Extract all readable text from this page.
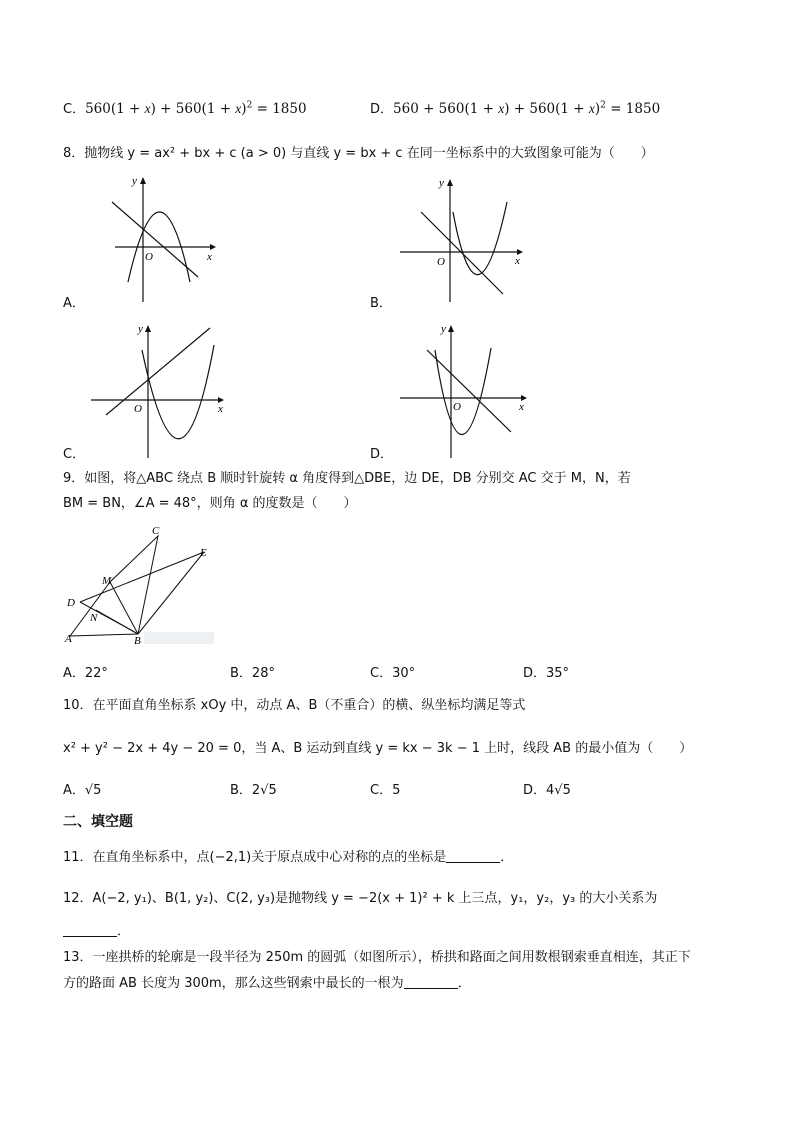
C．$560(1 + x) + 560(1 + x)^2 = 1850$	D．$560 + 560(1 + x) + 560(1 + x)^2 = 1850$
8．抛物线 y = ax² + bx + c (a > 0) 与直线 y = bx + c 在同一坐标系中的大致图象可能为（　　）
y
x
O
A．
y
x
O
B．
y
x
O
C．
y
x
O
D．
9．如图，将△ABC 绕点 B 顺时针旋转 α 角度得到△DBE，边 DE，DB 分别交 AC 交于 M，N，若
BM = BN，∠A = 48°，则角 α 的度数是（　　）
C
E
M
D
N
A	B
A．22°	B．28°	C．30°	D．35°
10．在平面直角坐标系 xOy 中，动点 A、B（不重合）的横、纵坐标均满足等式
x² + y² − 2x + 4y − 20 = 0，当 A、B 运动到直线 y = kx − 3k − 1 上时，线段 AB 的最小值为（　　）
A．√5	B．2√5	C．5	D．4√5
二、填空题
11．在直角坐标系中，点(−2,1)关于原点成中心对称的点的坐标是	．
12．A(−2, y₁)、B(1, y₂)、C(2, y₃)是抛物线 y = −2(x + 1)² + k 上三点，y₁，y₂，y₃ 的大小关系为
．
13．一座拱桥的轮廓是一段半径为 250m 的圆弧（如图所示），桥拱和路面之间用数根钢索垂直相连，其正下
方的路面 AB 长度为 300m，那么这些钢索中最长的一根为	．
